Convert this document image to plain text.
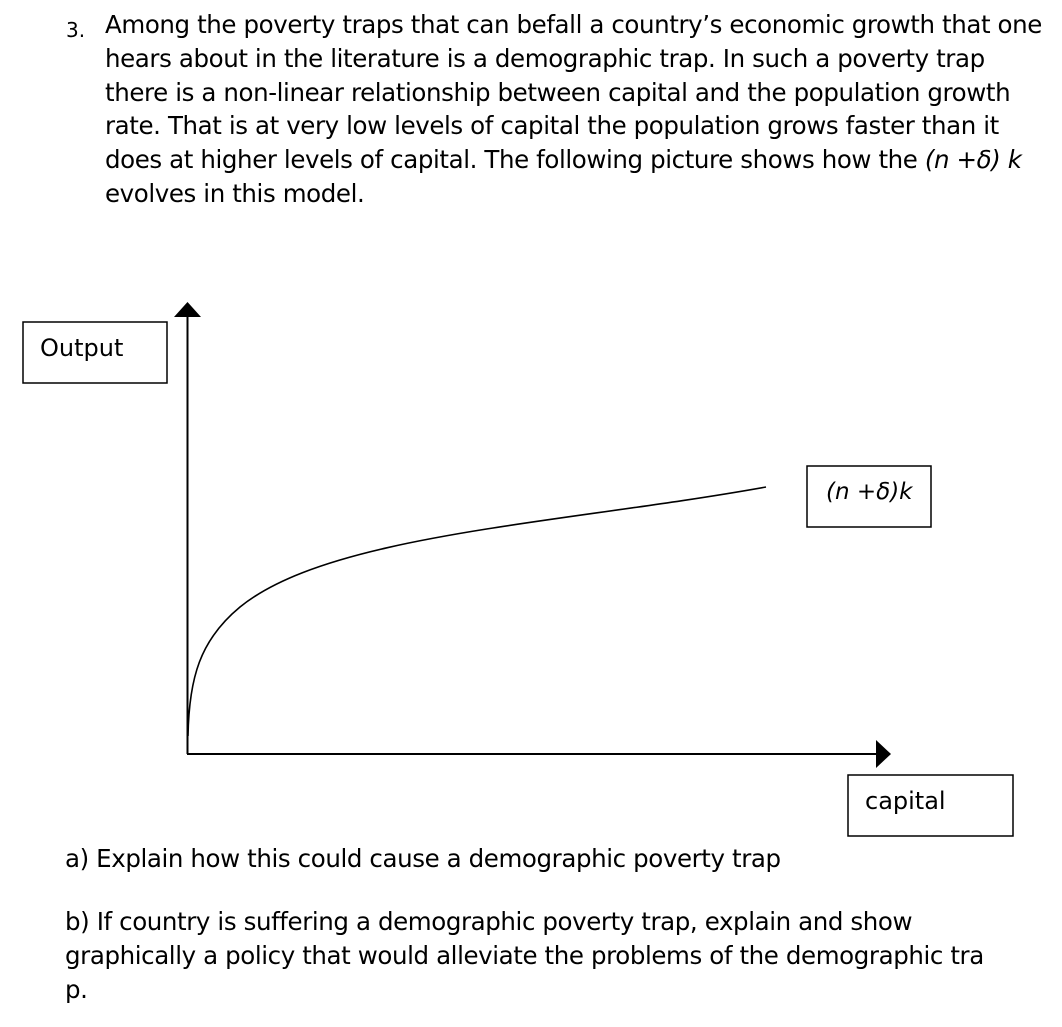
3. Among the poverty traps that can befall a country’s economic growth that one hears about in the literature is a demographic trap. In such a poverty trap there is a non-linear relationship between capital and the population growth rate. That is at very low levels of capital the population grows faster than it does at higher levels of capital. The following picture shows how the (n +δ) k evolves in this model.

Output
(n +δ)k
capital

a) Explain how this could cause a demographic poverty trap

b) If country is suffering a demographic poverty trap, explain and show
graphically a policy that would alleviate the problems of the demographic tra
p.
